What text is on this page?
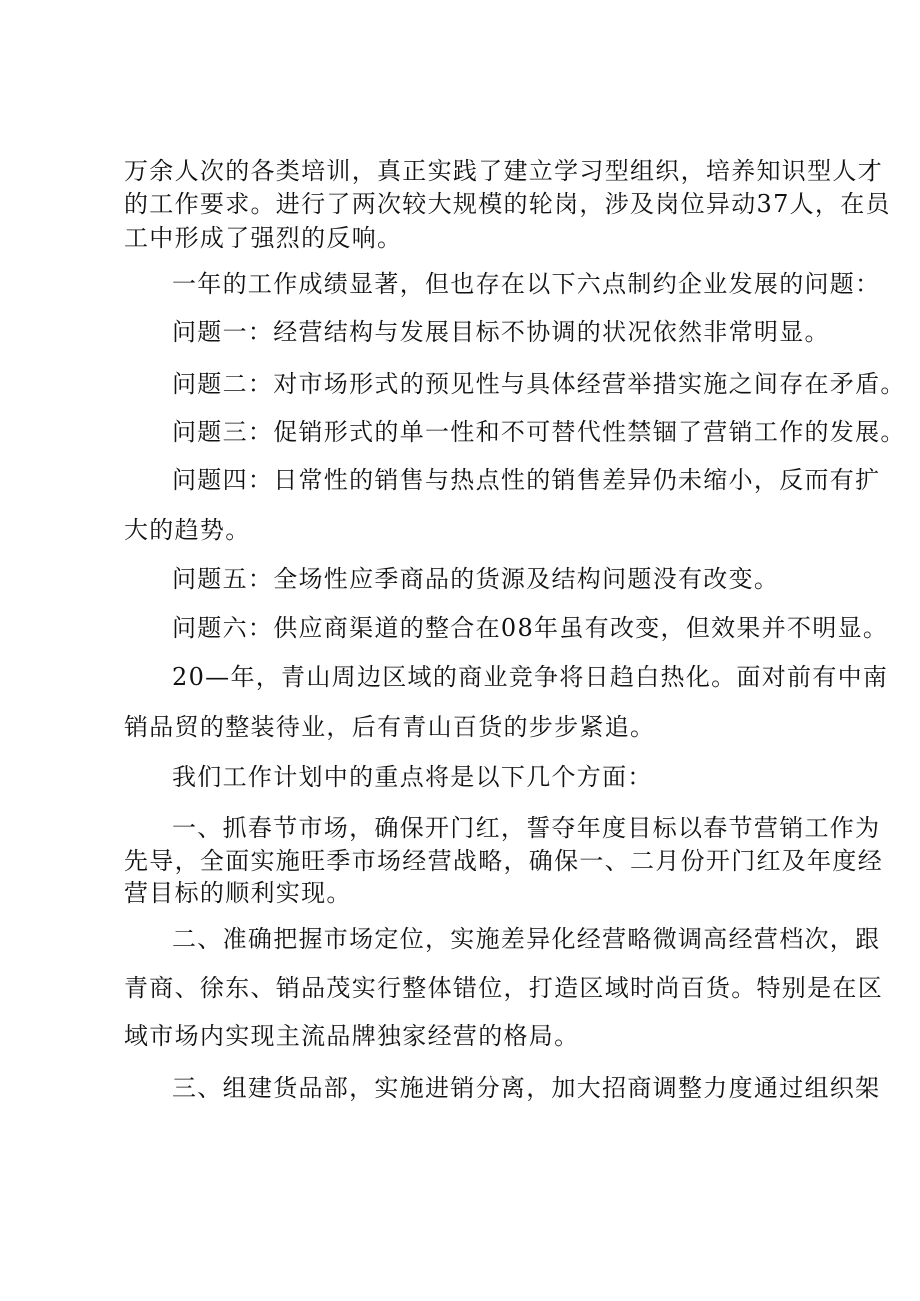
万余人次的各类培训，真正实践了建立学习型组织，培养知识型人才
的工作要求。进行了两次较大规模的轮岗，涉及岗位异动37人，在员
工中形成了强烈的反响。
一年的工作成绩显著，但也存在以下六点制约企业发展的问题：
问题一：经营结构与发展目标不协调的状况依然非常明显。
问题二：对市场形式的预见性与具体经营举措实施之间存在矛盾。
问题三：促销形式的单一性和不可替代性禁锢了营销工作的发展。
问题四：日常性的销售与热点性的销售差异仍未缩小，反而有扩
大的趋势。
问题五：全场性应季商品的货源及结构问题没有改变。
问题六：供应商渠道的整合在08年虽有改变，但效果并不明显。
20—年，青山周边区域的商业竞争将日趋白热化。面对前有中南
销品贸的整装待业，后有青山百货的步步紧追。
我们工作计划中的重点将是以下几个方面：
一、抓春节市场，确保开门红，誓夺年度目标以春节营销工作为
先导，全面实施旺季市场经营战略，确保一、二月份开门红及年度经
营目标的顺利实现。
二、准确把握市场定位，实施差异化经营略微调高经营档次，跟
青商、徐东、销品茂实行整体错位，打造区域时尚百货。特别是在区
域市场内实现主流品牌独家经营的格局。
三、组建货品部，实施进销分离，加大招商调整力度通过组织架
